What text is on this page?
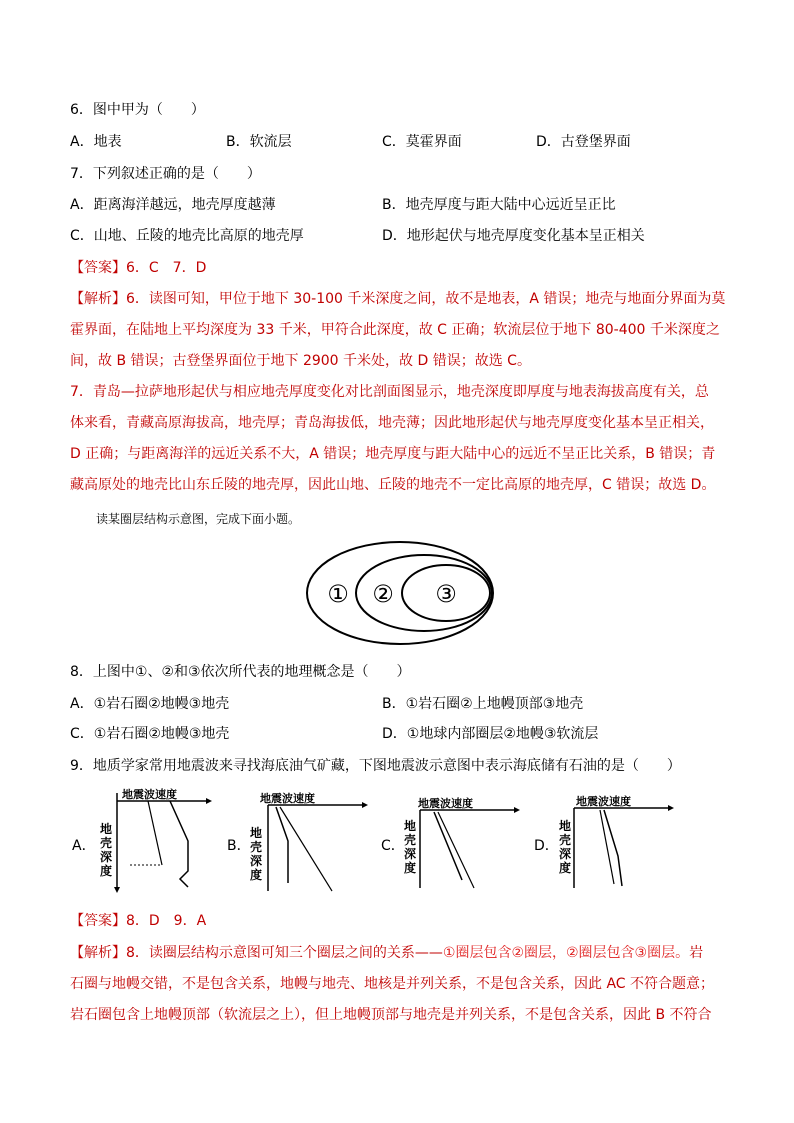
6．图中甲为（　　）
A．地表	B．软流层	C．莫霍界面	D．古登堡界面
7．下列叙述正确的是（　　）
A．距离海洋越远，地壳厚度越薄	B．地壳厚度与距大陆中心远近呈正比
C．山地、丘陵的地壳比高原的地壳厚	D．地形起伏与地壳厚度变化基本呈正相关
【答案】6．C　7．D
【解析】6．读图可知，甲位于地下 30-100 千米深度之间，故不是地表，A 错误；地壳与地面分界面为莫
霍界面，在陆地上平均深度为 33 千米，甲符合此深度，故 C 正确；软流层位于地下 80-400 千米深度之
间，故 B 错误；古登堡界面位于地下 2900 千米处，故 D 错误；故选 C。
7．青岛—拉萨地形起伏与相应地壳厚度变化对比剖面图显示，地壳深度即厚度与地表海拔高度有关，总
体来看，青藏高原海拔高，地壳厚；青岛海拔低，地壳薄；因此地形起伏与地壳厚度变化基本呈正相关，
D 正确；与距离海洋的远近关系不大，A 错误；地壳厚度与距大陆中心的远近不呈正比关系，B 错误；青
藏高原处的地壳比山东丘陵的地壳厚，因此山地、丘陵的地壳不一定比高原的地壳厚，C 错误；故选 D。
读某圈层结构示意图，完成下面小题。
① ② ③
8．上图中①、②和③依次所代表的地理概念是（　　）
A．①岩石圈②地幔③地壳	B．①岩石圈②上地幔顶部③地壳
C．①岩石圈②地幔③地壳	D．①地球内部圈层②地幔③软流层
9．地质学家常用地震波来寻找海底油气矿藏，下图地震波示意图中表示海底储有石油的是（　　）
A．
地震波速度
地
壳
深
度
B．
地震波速度
地
壳
深
度
C．
地震波速度
地
壳
深
度
D．
地震波速度
地
壳
深
度
【答案】8．D　9．A
【解析】8．读圈层结构示意图可知三个圈层之间的关系——①圈层包含②圈层，②圈层包含③圈层。岩
石圈与地幔交错，不是包含关系，地幔与地壳、地核是并列关系，不是包含关系，因此 AC 不符合题意；
岩石圈包含上地幔顶部（软流层之上），但上地幔顶部与地壳是并列关系，不是包含关系，因此 B 不符合
